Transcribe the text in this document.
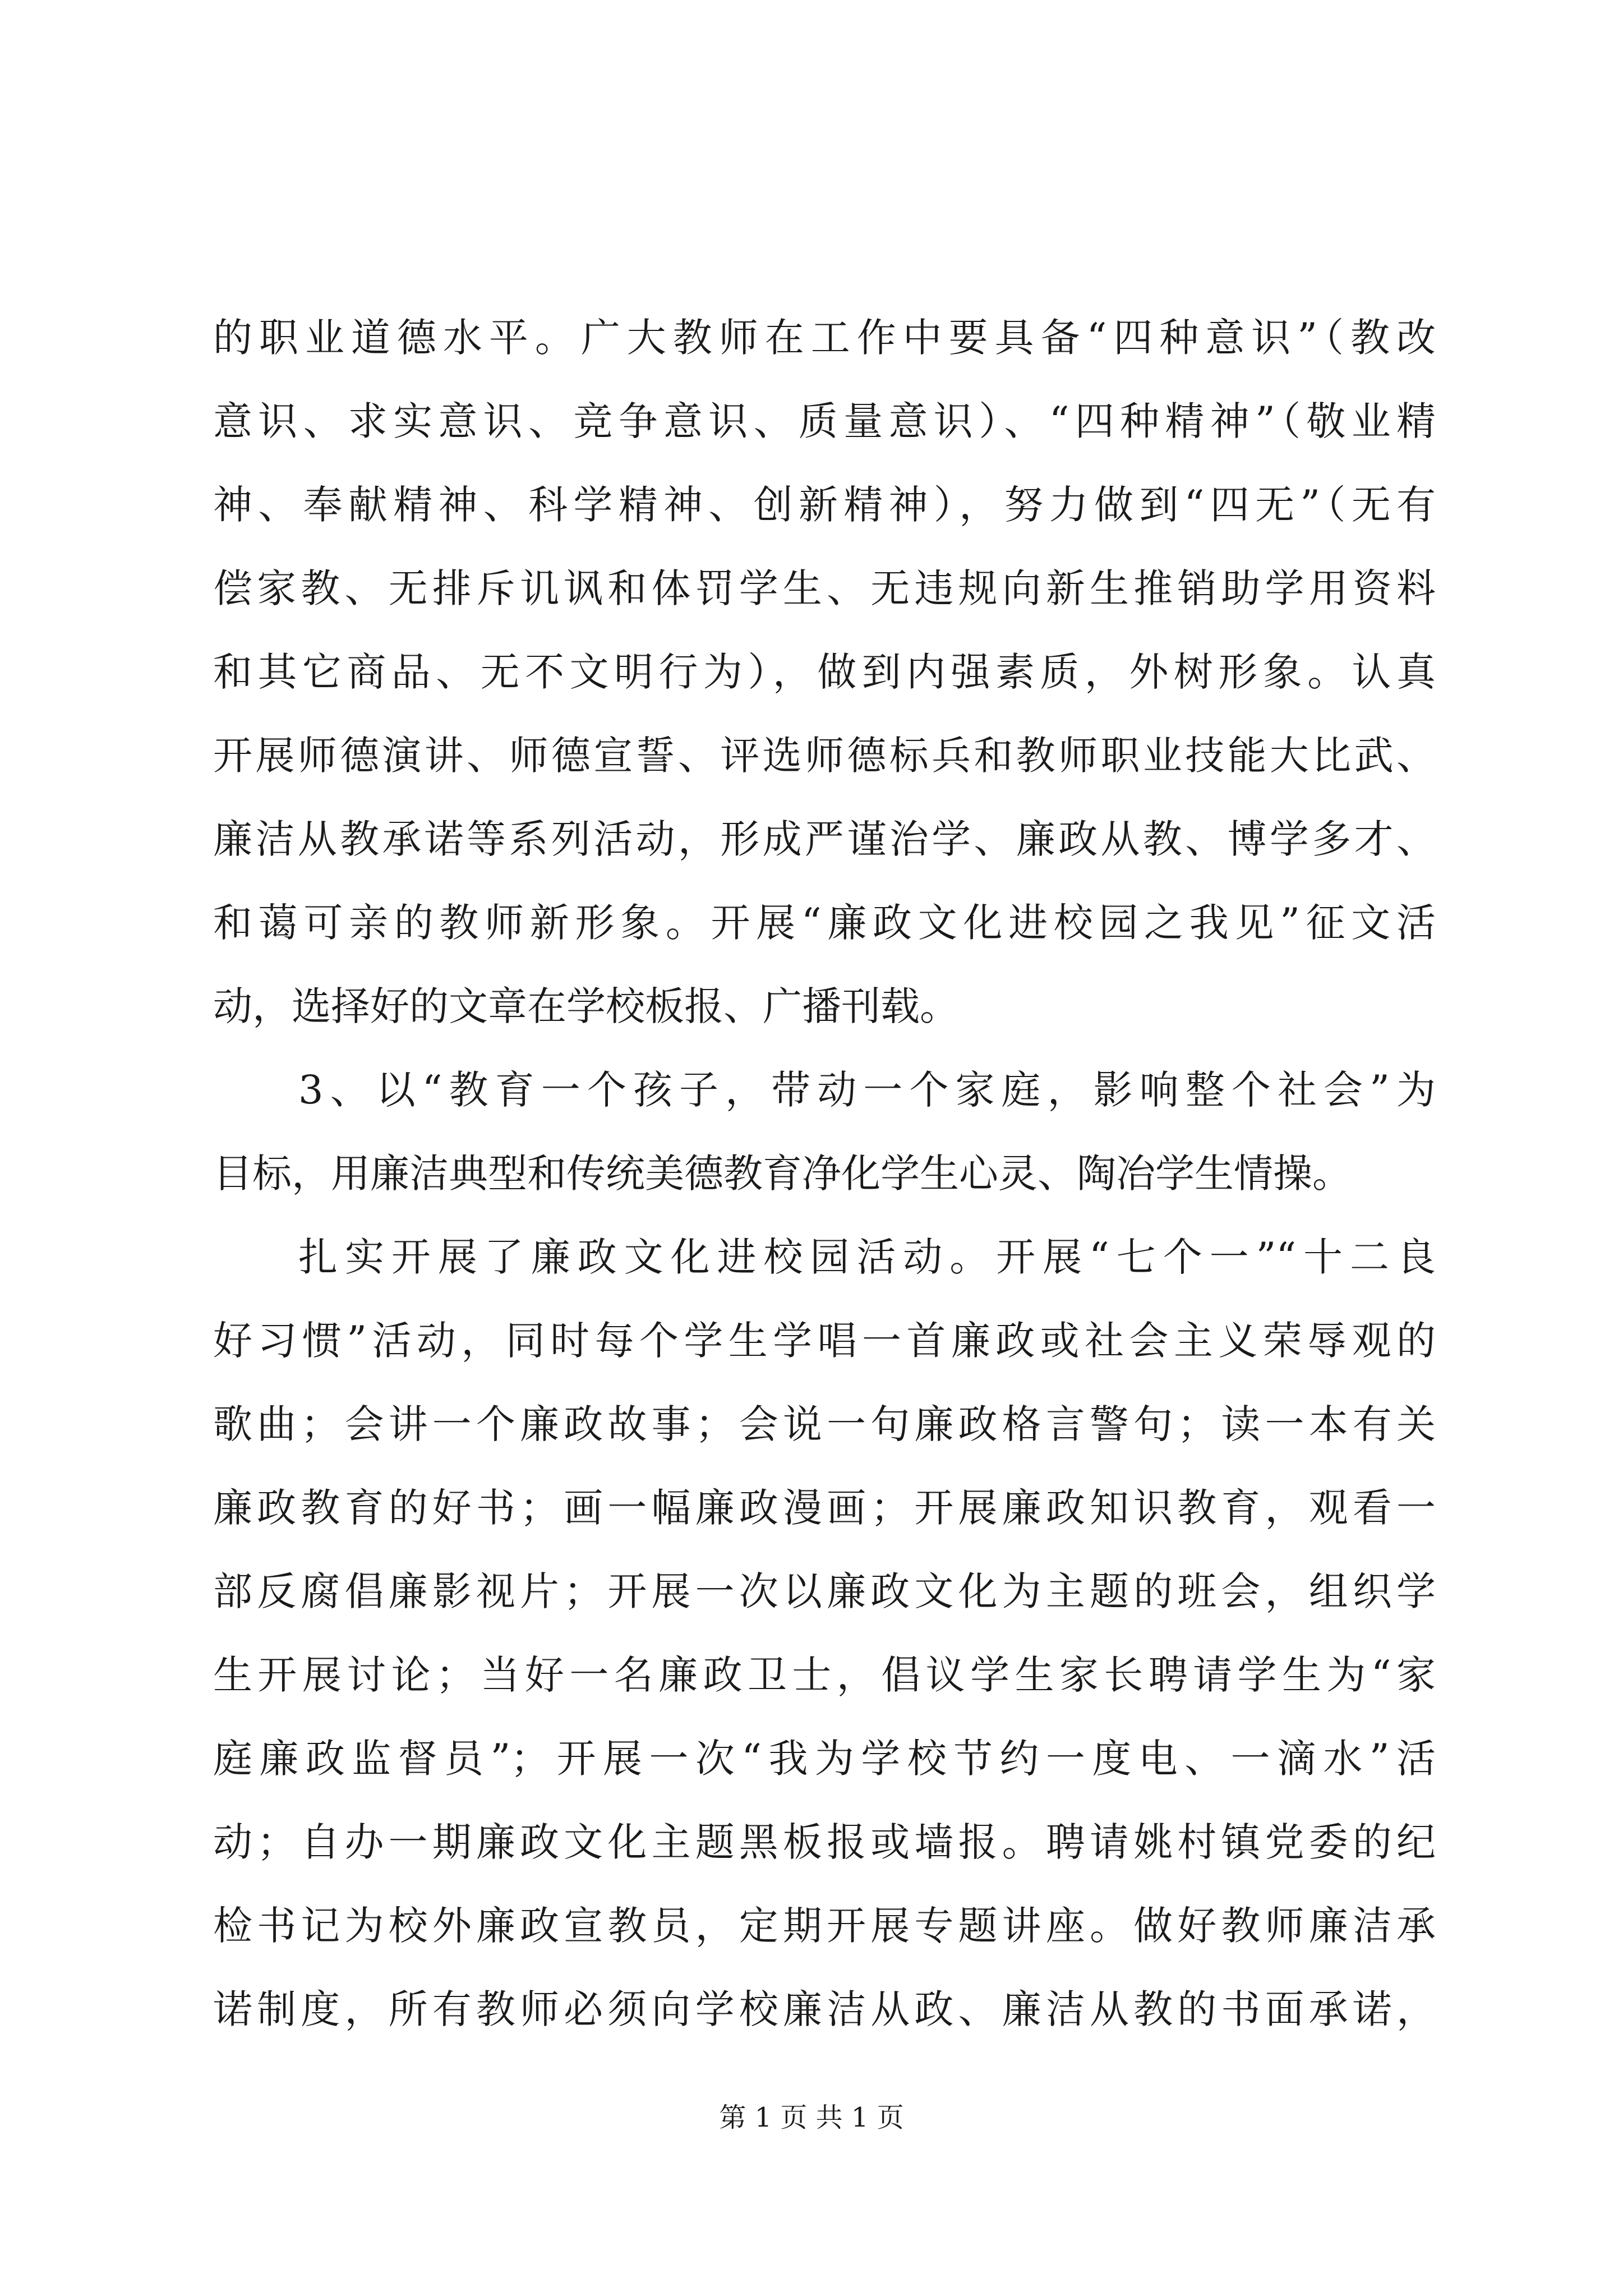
的职业道德水平。广大教师在工作中要具备“四种意识”（教改
意识、求实意识、竞争意识、质量意识）、“四种精神”（敬业精
神、奉献精神、科学精神、创新精神），努力做到“四无”（无有
偿家教、无排斥讥讽和体罚学生、无违规向新生推销助学用资料
和其它商品、无不文明行为），做到内强素质，外树形象。认真
开展师德演讲、师德宣誓、评选师德标兵和教师职业技能大比武、
廉洁从教承诺等系列活动，形成严谨治学、廉政从教、博学多才、
和蔼可亲的教师新形象。开展“廉政文化进校园之我见”征文活
动，选择好的文章在学校板报、广播刊载。
3、以“教育一个孩子，带动一个家庭，影响整个社会”为
目标，用廉洁典型和传统美德教育净化学生心灵、陶冶学生情操。
扎实开展了廉政文化进校园活动。开展“七个一”“十二良
好习惯”活动，同时每个学生学唱一首廉政或社会主义荣辱观的
歌曲；会讲一个廉政故事；会说一句廉政格言警句；读一本有关
廉政教育的好书；画一幅廉政漫画；开展廉政知识教育，观看一
部反腐倡廉影视片；开展一次以廉政文化为主题的班会，组织学
生开展讨论；当好一名廉政卫士，倡议学生家长聘请学生为“家
庭廉政监督员”；开展一次“我为学校节约一度电、一滴水”活
动；自办一期廉政文化主题黑板报或墙报。聘请姚村镇党委的纪
检书记为校外廉政宣教员，定期开展专题讲座。做好教师廉洁承
诺制度，所有教师必须向学校廉洁从政、廉洁从教的书面承诺，
第 1 页 共 1 页
